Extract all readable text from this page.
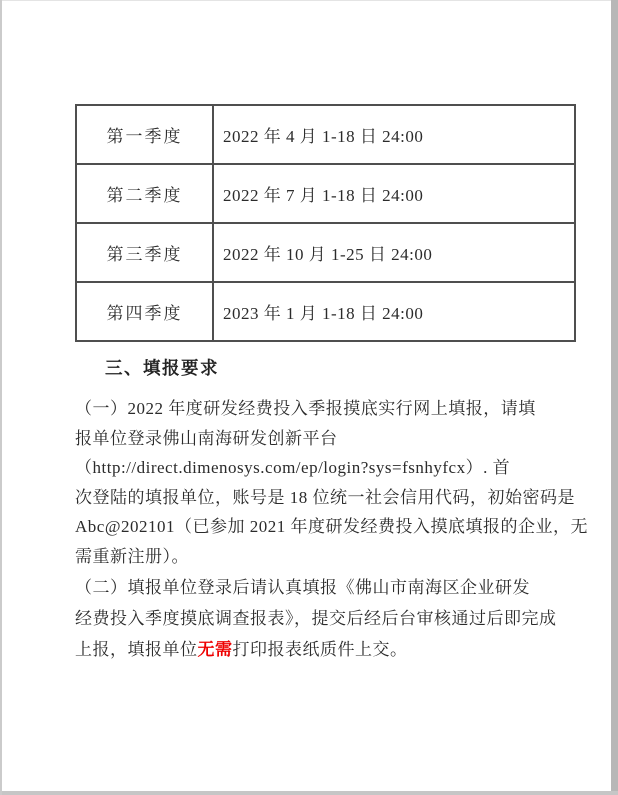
第一季度	2022 年 4 月 1-18 日 24:00
第二季度	2022 年 7 月 1-18 日 24:00
第三季度	2022 年 10 月 1-25 日 24:00
第四季度	2023 年 1 月 1-18 日 24:00
三、填报要求
（一）2022 年度研发经费投入季报摸底实行网上填报，请填
报单位登录佛山南海研发创新平台
（http://direct.dimenosys.com/ep/login?sys=fsnhyfcx）. 首
次登陆的填报单位，账号是 18 位统一社会信用代码，初始密码是
Abc@202101（已参加 2021 年度研发经费投入摸底填报的企业，无
需重新注册）。
（二）填报单位登录后请认真填报《佛山市南海区企业研发
经费投入季度摸底调查报表》，提交后经后台审核通过后即完成
上报，填报单位无需打印报表纸质件上交。
